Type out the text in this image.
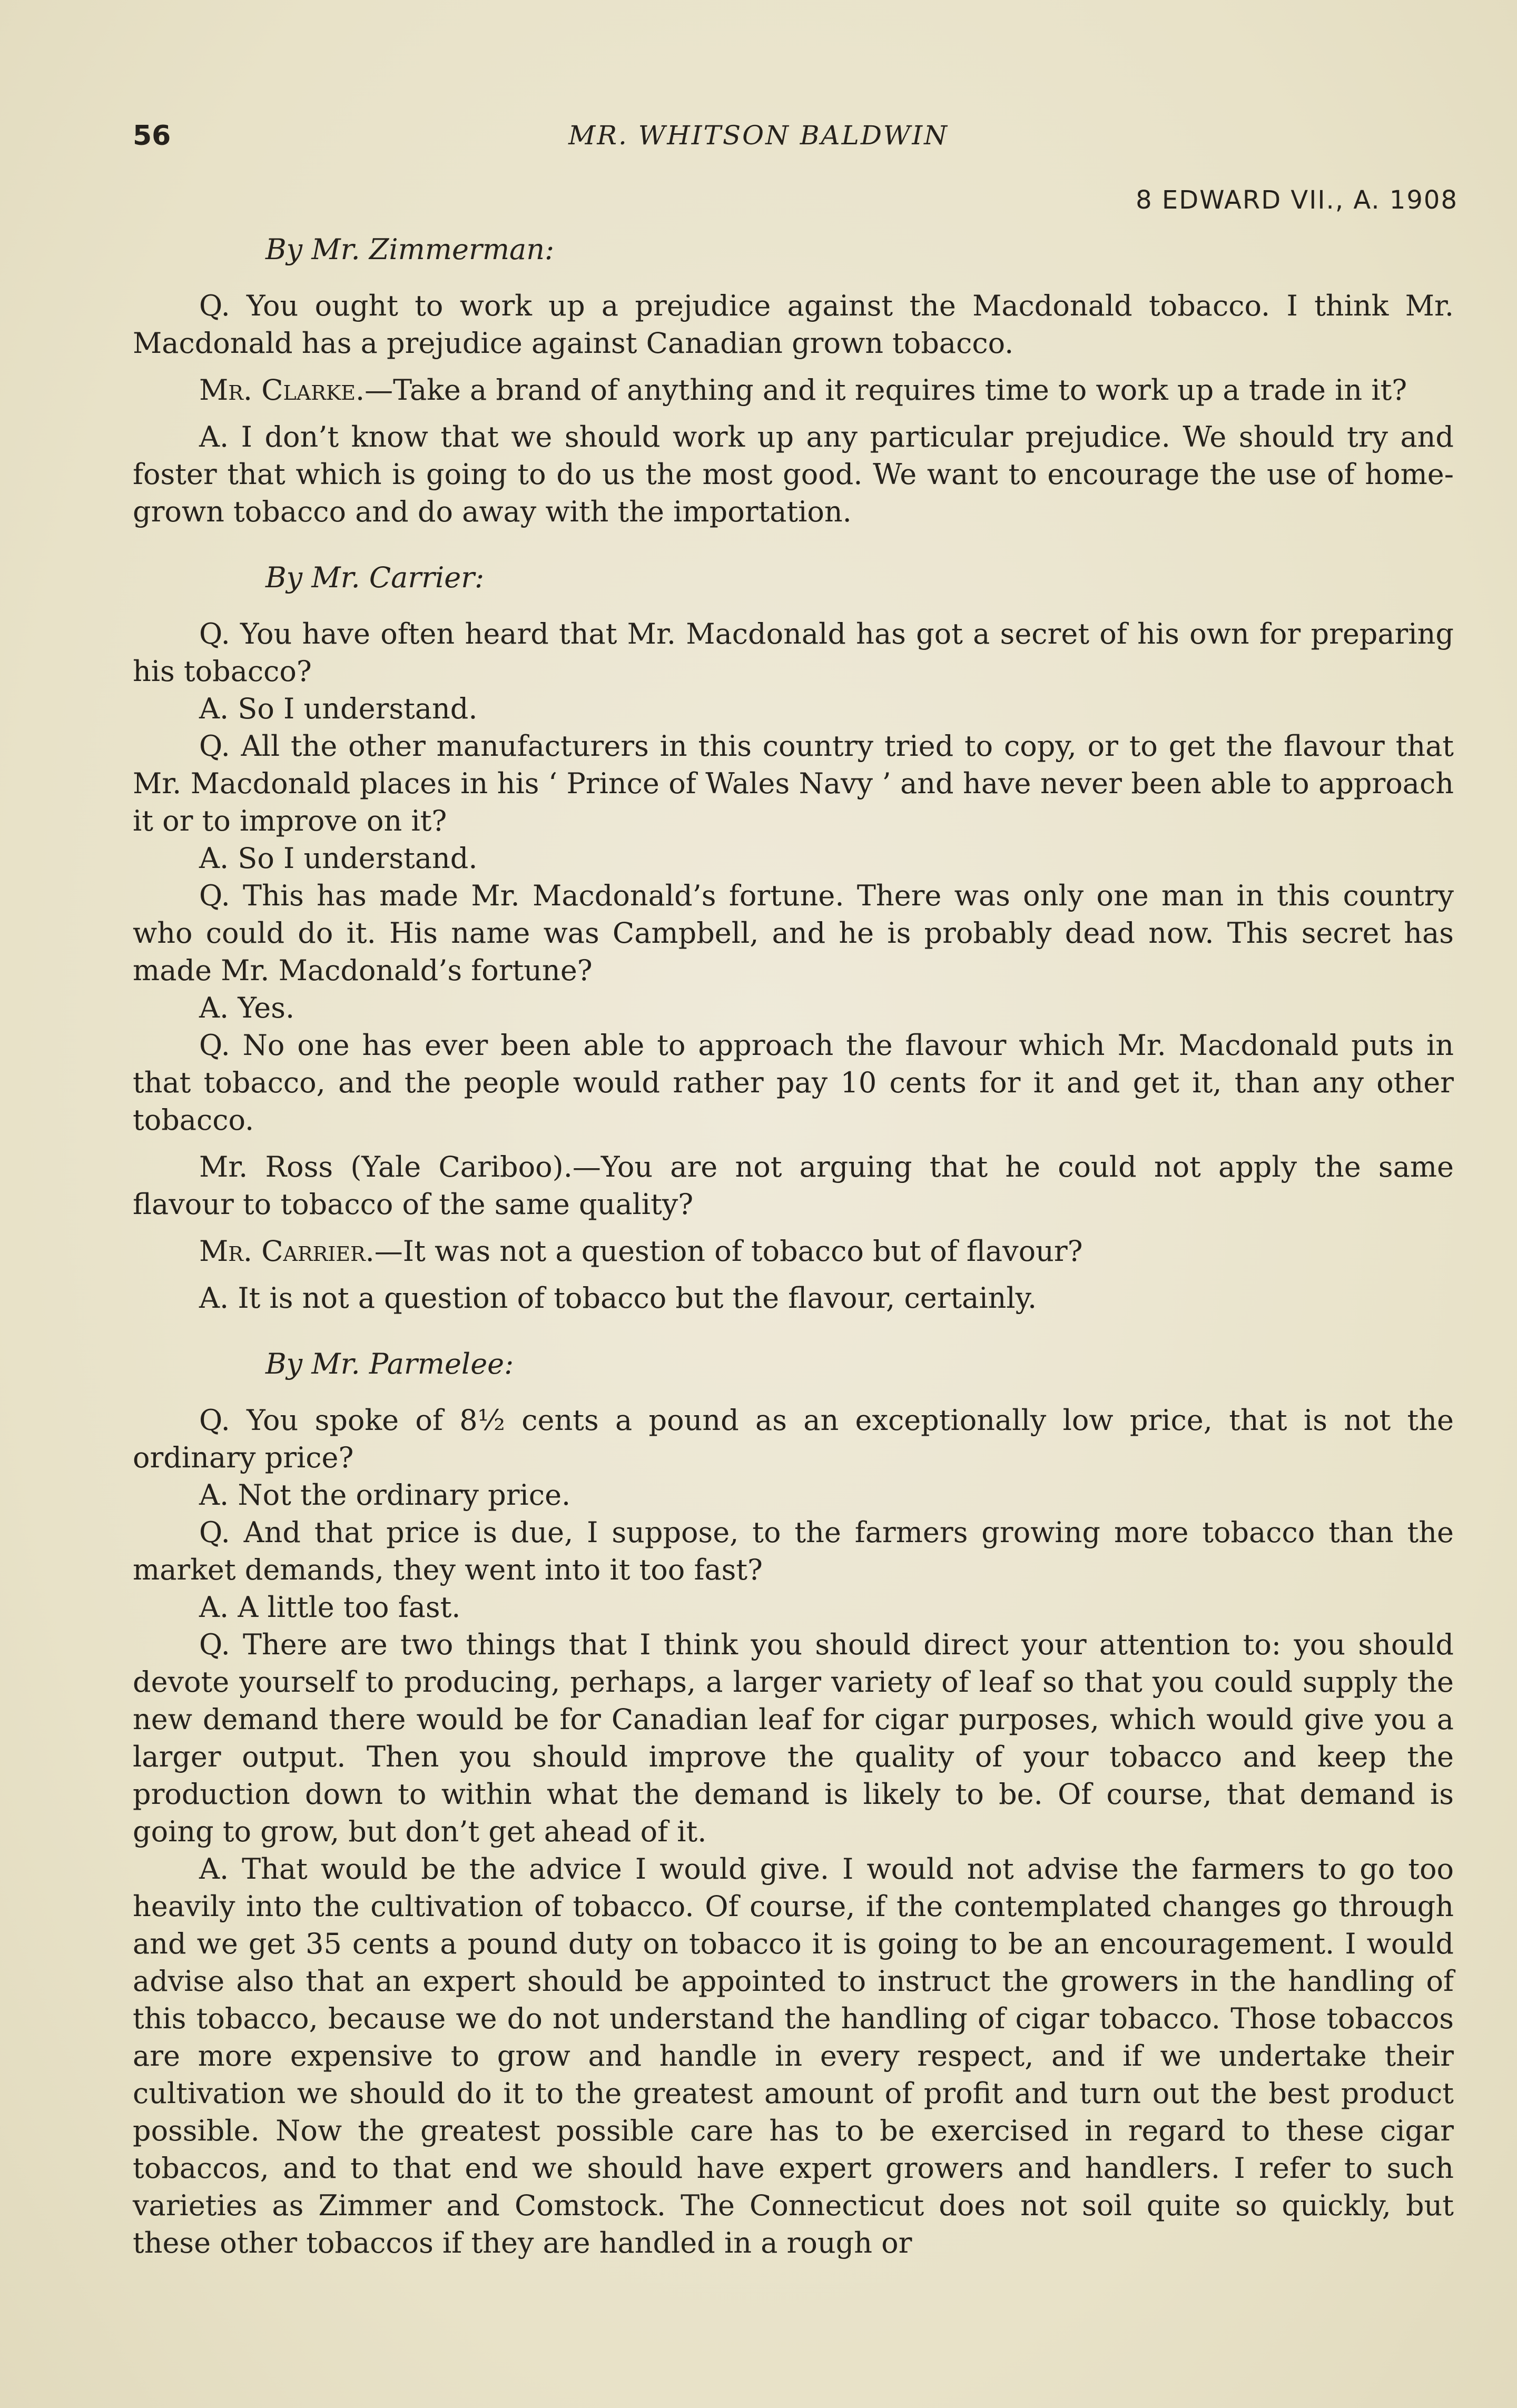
56	MR. WHITSON BALDWIN
8 EDWARD VII., A. 1908

By Mr. Zimmerman:

Q. You ought to work up a prejudice against the Macdonald tobacco. I think Mr. Macdonald has a prejudice against Canadian grown tobacco.

Mr. Clarke.—Take a brand of anything and it requires time to work up a trade in it?

A. I don’t know that we should work up any particular prejudice. We should try and foster that which is going to do us the most good. We want to encourage the use of home-grown tobacco and do away with the importation.

By Mr. Carrier:

Q. You have often heard that Mr. Macdonald has got a secret of his own for preparing his tobacco?

A. So I understand.

Q. All the other manufacturers in this country tried to copy, or to get the flavour that Mr. Macdonald places in his ‘ Prince of Wales Navy ’ and have never been able to approach it or to improve on it?

A. So I understand.

Q. This has made Mr. Macdonald’s fortune. There was only one man in this country who could do it. His name was Campbell, and he is probably dead now. This secret has made Mr. Macdonald’s fortune?

A. Yes.

Q. No one has ever been able to approach the flavour which Mr. Macdonald puts in that tobacco, and the people would rather pay 10 cents for it and get it, than any other tobacco.

Mr. Ross (Yale Cariboo).—You are not arguing that he could not apply the same flavour to tobacco of the same quality?

Mr. Carrier.—It was not a question of tobacco but of flavour?

A. It is not a question of tobacco but the flavour, certainly.

By Mr. Parmelee:

Q. You spoke of 8½ cents a pound as an exceptionally low price, that is not the ordinary price?

A. Not the ordinary price.

Q. And that price is due, I suppose, to the farmers growing more tobacco than the market demands, they went into it too fast?

A. A little too fast.

Q. There are two things that I think you should direct your attention to: you should devote yourself to producing, perhaps, a larger variety of leaf so that you could supply the new demand there would be for Canadian leaf for cigar purposes, which would give you a larger output. Then you should improve the quality of your tobacco and keep the production down to within what the demand is likely to be. Of course, that demand is going to grow, but don’t get ahead of it.

A. That would be the advice I would give. I would not advise the farmers to go too heavily into the cultivation of tobacco. Of course, if the contemplated changes go through and we get 35 cents a pound duty on tobacco it is going to be an encouragement. I would advise also that an expert should be appointed to instruct the growers in the handling of this tobacco, because we do not understand the handling of cigar tobacco. Those tobaccos are more expensive to grow and handle in every respect, and if we undertake their cultivation we should do it to the greatest amount of profit and turn out the best product possible. Now the greatest possible care has to be exercised in regard to these cigar tobaccos, and to that end we should have expert growers and handlers. I refer to such varieties as Zimmer and Comstock. The Connecticut does not soil quite so quickly, but these other tobaccos if they are handled in a rough or
